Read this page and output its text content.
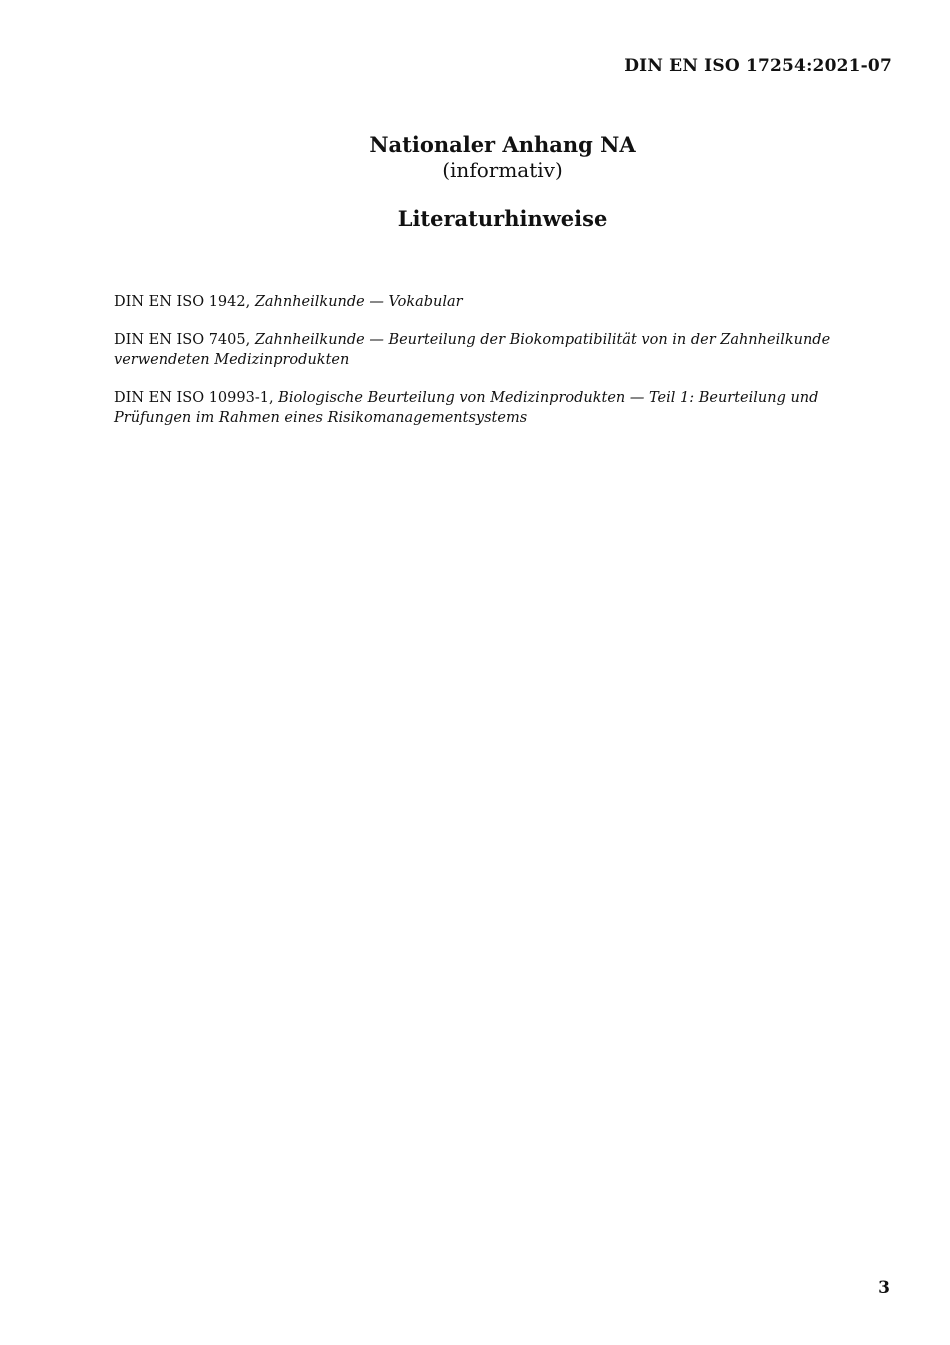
DIN EN ISO 17254:2021-07
Nationaler Anhang NA
(informativ)
Literaturhinweise

DIN EN ISO 1942, Zahnheilkunde — Vokabular

DIN EN ISO 7405, Zahnheilkunde — Beurteilung der Biokompatibilität von in der Zahnheilkunde verwendeten Medizinprodukten

DIN EN ISO 10993-1, Biologische Beurteilung von Medizinprodukten — Teil 1: Beurteilung und Prüfungen im Rahmen eines Risikomanagementsystems

3
